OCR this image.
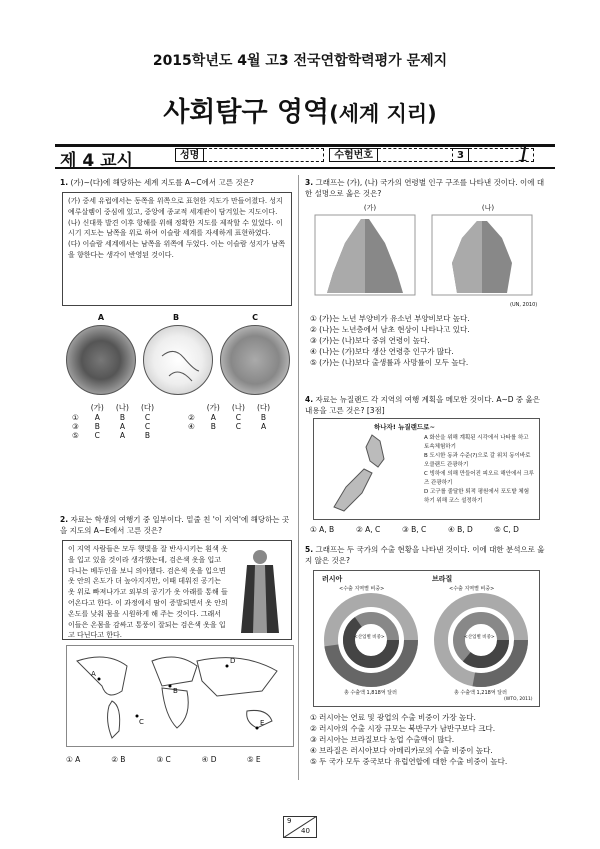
2015학년도 4월 고3 전국연합학력평가 문제지
사회탐구 영역(세계 지리)
제 4 교시	성명	수험번호	3 1
1. (가)~(다)에 해당하는 세계 지도를 A~C에서 고른 것은?
(가) 중세 유럽에서는 동쪽을 위쪽으로 표현한 지도가 만들어졌다. 성지 예루살렘이 중심에 있고, 중앙에 종교적 세계관이 담겨있는 지도이다.
(나) 신대륙 발견 이후 항해를 위해 정확한 지도를 제작할 수 있었다. 이 시기 지도는 남쪽을 위로 하여 이슬람 세계를 자세하게 표현하였다.
(다) 이슬람 세계에서는 남쪽을 위쪽에 두었다. 이는 이슬람 성지가 남쪽을 향한다는 생각이 반영된 것이다.
A	B	C
	(가)	(나)	(다)
①	A	B	C
③	B	A	C
⑤	C	A	B
	(가)	(나)	(다)
②	A	C	B
④	B	C	A
2. 자료는 학생의 여행기 중 일부이다. 밑줄 친 '이 지역'에 해당하는 곳을 지도의 A~E에서 고른 것은?
이 지역 사람들은 모두 햇빛을 잘 반사시키는 흰색 옷을 입고 있을 것이라 생각했는데, 검은색 옷을 입고 다니는 베두인을 보니 의아했다. 검은색 옷을 입으면 옷 안의 온도가 더 높아지지만, 이때 데워진 공기는 옷 위로 빠져나가고 외부의 공기가 옷 아래를 통해 들어온다고 한다. 이 과정에서 땀이 증발되면서 옷 안의 온도를 낮춰 몸을 시원하게 해 주는 것이다. 그래서 이들은 온몸을 감싸고 통풍이 잘되는 검은색 옷을 입고 다닌다고 한다.
A
B
C
D
E
① A	② B	③ C	④ D	⑤ E
3. 그래프는 (가), (나) 국가의 연령별 인구 구조를 나타낸 것이다. 이에 대한 설명으로 옳은 것은?
(가)	(나)
(UN, 2010)
① (가)는 노년 부양비가 유소년 부양비보다 높다.
② (나)는 노년층에서 남초 현상이 나타나고 있다.
③ (가)는 (나)보다 중위 연령이 높다.
④ (나)는 (가)보다 생산 연령층 인구가 많다.
⑤ (가)는 (나)보다 출생률과 사망률이 모두 높다.
4. 자료는 뉴질랜드 각 지역의 여행 계획을 메모한 것이다. A~D 중 옳은 내용을 고른 것은? [3점]
하나자! 뉴질랜드로~
A 화산을 위해 계획된 시각에서 나타를 하고 토속체험하기
B 도시한 동과 수준(?)으로 갈 위치 동이바로 오클랜드 관광하기
C 빙하에 의해 만들어진 피오르 해안에서 크루즈 관광하기
D 고구를 줄달한 퇴적 평원에서 포도밭 체험하기 위해 코스 설정하기
① A, B	② A, C	③ B, C	④ B, D	⑤ C, D
5. 그래프는 두 국가의 수출 현황을 나타낸 것이다. 이에 대한 분석으로 옳지 않은 것은?
러시아	브라질
<수출 지역별 비중>	<수출 지역별 비중>
<산업별 비중>	<산업별 비중>
총 수출액 1,818억 달러	총 수출액 1,218억 달러
(WTO, 2011)
① 러시아는 연료 및 광업의 수출 비중이 가장 높다.
② 러시아의 수출 시장 규모는 북반구가 남반구보다 크다.
③ 러시아는 브라질보다 농업 수출액이 많다.
④ 브라질은 러시아보다 아메리카로의 수출 비중이 높다.
⑤ 두 국가 모두 중국보다 유럽연합에 대한 수출 비중이 높다.
9
40
